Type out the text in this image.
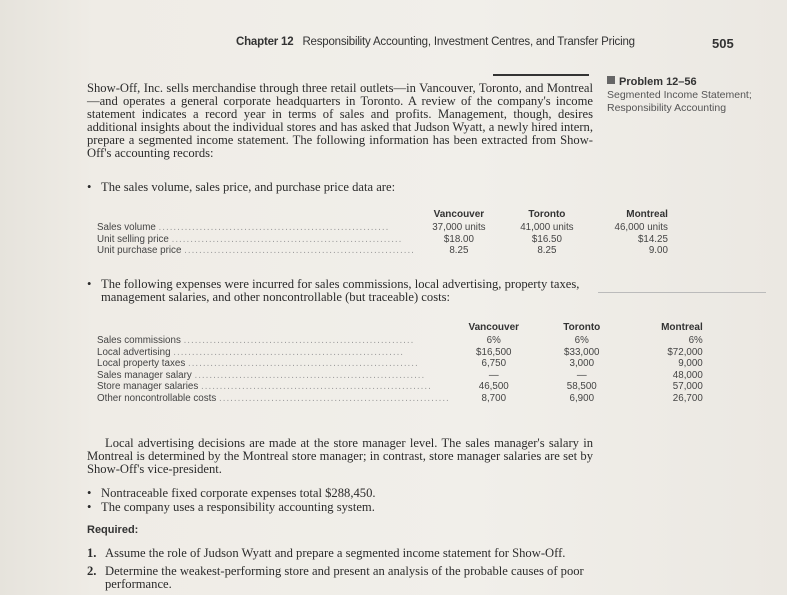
Chapter 12 Responsibility Accounting, Investment Centres, and Transfer Pricing	505
Problem 12–56
Segmented Income Statement; Responsibility Accounting
Show-Off, Inc. sells merchandise through three retail outlets—in Vancouver, Toronto, and Montreal—and operates a general corporate headquarters in Toronto. A review of the company's income statement indicates a record year in terms of sales and profits. Management, though, desires additional insights about the individual stores and has asked that Judson Wyatt, a newly hired intern, prepare a segmented income statement. The following information has been extracted from Show-Off's accounting records:
• The sales volume, sales price, and purchase price data are:
	Vancouver	Toronto	Montreal
Sales volume ..............................................................	37,000 units	41,000 units	46,000 units
Unit selling price ..............................................................	$18.00	$16.50	$14.25
Unit purchase price ..............................................................	8.25	8.25	9.00
• The following expenses were incurred for sales commissions, local advertising, property taxes, management salaries, and other noncontrollable (but traceable) costs:
	Vancouver	Toronto	Montreal
Sales commissions ..............................................................	6%	6%	6%
Local advertising ..............................................................	$16,500	$33,000	$72,000
Local property taxes ..............................................................	6,750	3,000	9,000
Sales manager salary ..............................................................	—	—	48,000
Store manager salaries ..............................................................	46,500	58,500	57,000
Other noncontrollable costs ..............................................................	8,700	6,900	26,700
Local advertising decisions are made at the store manager level. The sales manager's salary in Montreal is determined by the Montreal store manager; in contrast, store manager salaries are set by Show-Off's vice-president.
• Nontraceable fixed corporate expenses total $288,450.
• The company uses a responsibility accounting system.
Required:
1. Assume the role of Judson Wyatt and prepare a segmented income statement for Show-Off.
2. Determine the weakest-performing store and present an analysis of the probable causes of poor performance.
